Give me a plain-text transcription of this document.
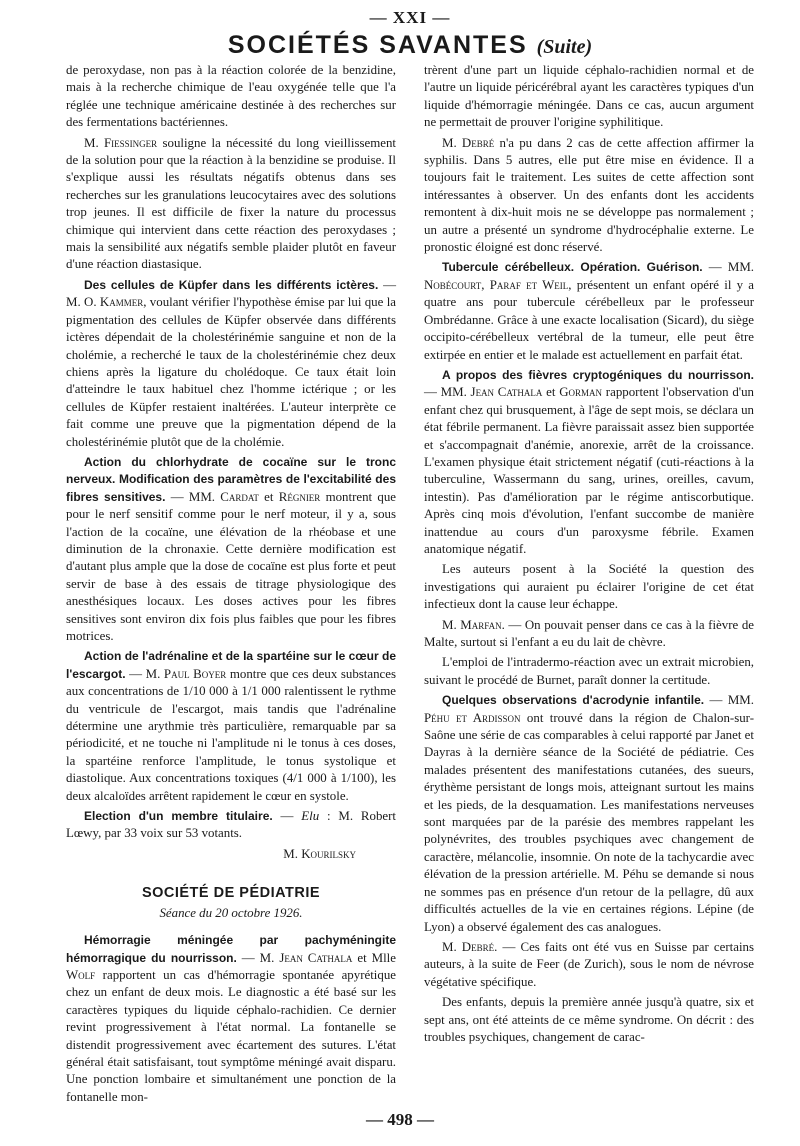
— XXI —
SOCIÉTÉS SAVANTES (Suite)

de peroxydase, non pas à la réaction colorée de la benzidine, mais à la recherche chimique de l'eau oxygénée telle que l'a réglée une technique américaine destinée à des recherches sur des fermentations bactériennes.

M. Fiessinger souligne la nécessité du long vieillissement de la solution pour que la réaction à la benzidine se produise. Il s'explique aussi les résultats négatifs obtenus dans ses recherches sur les granulations leucocytaires avec des solutions trop jeunes. Il est difficile de fixer la nature du processus chimique qui intervient dans cette réaction des peroxydases ; mais la sensibilité aux négatifs semble plaider plutôt en faveur d'une réaction diastasique.

Des cellules de Küpfer dans les différents ictères. — M. O. Kammer, voulant vérifier l'hypothèse émise par lui que la pigmentation des cellules de Küpfer observée dans différents ictères dépendait de la cholestérinémie sanguine et non de la cholémie, a recherché le taux de la cholestérinémie chez deux chiens après la ligature du cholédoque. Ce taux était loin d'atteindre le taux habituel chez l'homme ictérique ; or les cellules de Küpfer restaient inaltérées. L'auteur interprète ce fait comme une preuve que la pigmentation dépend de la cholestérinémie plutôt que de la cholémie.

Action du chlorhydrate de cocaïne sur le tronc nerveux. Modification des paramètres de l'excitabilité des fibres sensitives. — MM. Cardat et Régnier montrent que pour le nerf sensitif comme pour le nerf moteur, il y a, sous l'action de la cocaïne, une élévation de la rhéobase et une diminution de la chronaxie. Cette dernière modification est d'autant plus ample que la dose de cocaïne est plus forte et peut servir de base à des essais de titrage physiologique des anesthésiques locaux. Les doses actives pour les fibres sensitives sont environ dix fois plus faibles que pour les fibres motrices.

Action de l'adrénaline et de la spartéine sur le cœur de l'escargot. — M. Paul Boyer montre que ces deux substances aux concentrations de 1/10 000 à 1/1 000 ralentissent le rythme du ventricule de l'escargot, mais tandis que l'adrénaline détermine une arythmie très particulière, remarquable par sa périodicité, et ne touche ni l'amplitude ni le tonus à ces doses, la spartéine renforce l'amplitude, le tonus systolique et diastolique. Aux concentrations toxiques (4/1 000 à 1/100), les deux alcaloïdes arrêtent rapidement le cœur en systole.

Election d'un membre titulaire. — Elu : M. Robert Lœwy, par 33 voix sur 53 votants.

M. Kourilsky

SOCIÉTÉ DE PÉDIATRIE
Séance du 20 octobre 1926.

Hémorragie méningée par pachyméningite hémorragique du nourrisson. — M. Jean Cathala et Mlle Wolf rapportent un cas d'hémorragie spontanée apyrétique chez un enfant de deux mois. Le diagnostic a été basé sur les caractères typiques du liquide céphalo-rachidien. Ce dernier revint progressivement à l'état normal. La fontanelle se distendit progressivement avec écartement des sutures. L'état général était satisfaisant, tout symptôme méningé avait disparu. Une ponction lombaire et simultanément une ponction de la fontanelle mon-

trèrent d'une part un liquide céphalo-rachidien normal et de l'autre un liquide péricérébral ayant les caractères typiques d'un liquide d'hémorragie méningée. Dans ce cas, aucun argument ne permettait de prouver l'origine syphilitique.

M. Debré n'a pu dans 2 cas de cette affection affirmer la syphilis. Dans 5 autres, elle put être mise en évidence. Il a toujours fait le traitement. Les suites de cette affection sont intéressantes à observer. Un des enfants dont les accidents remontent à dix-huit mois ne se développe pas normalement ; un autre a présenté un syndrome d'hydrocéphalie externe. Le pronostic éloigné est donc réservé.

Tubercule cérébelleux. Opération. Guérison. — MM. Nobécourt, Paraf et Weil, présentent un enfant opéré il y a quatre ans pour tubercule cérébelleux par le professeur Ombrédanne. Grâce à une exacte localisation (Sicard), du siège occipito-cérébelleux vertébral de la tumeur, elle peut être extirpée en entier et le malade est actuellement en parfait état.

A propos des fièvres cryptogéniques du nourrisson. — MM. Jean Cathala et Gorman rapportent l'observation d'un enfant chez qui brusquement, à l'âge de sept mois, se déclara un état fébrile permanent. La fièvre paraissait assez bien supportée et s'accompagnait d'anémie, anorexie, arrêt de la croissance. L'examen physique était strictement négatif (cuti-réactions à la tuberculine, Wassermann du sang, urines, oreilles, cavum, intestin). Pas d'amélioration par le régime antiscorbutique. Après cinq mois d'évolution, l'enfant succombe de manière inattendue au cours d'un paroxysme fébrile. Examen anatomique négatif.

Les auteurs posent à la Société la question des investigations qui auraient pu éclairer l'origine de cet état infectieux dont la cause leur échappe.

M. Marfan. — On pouvait penser dans ce cas à la fièvre de Malte, surtout si l'enfant a eu du lait de chèvre.

L'emploi de l'intradermo-réaction avec un extrait microbien, suivant le procédé de Burnet, paraît donner la certitude.

Quelques observations d'acrodynie infantile. — MM. Péhu et Ardisson ont trouvé dans la région de Chalon-sur-Saône une série de cas comparables à celui rapporté par Janet et Dayras à la dernière séance de la Société de pédiatrie. Ces malades présentent des manifestations cutanées, des sueurs, érythème persistant de longs mois, atteignant surtout les mains et les pieds, de la desquamation. Les manifestations nerveuses sont marquées par de la parésie des membres rappelant les polynévrites, des troubles psychiques avec changement de caractère, mélancolie, insomnie. On note de la tachycardie avec élévation de la pression artérielle. M. Péhu se demande si nous ne sommes pas en présence d'un retour de la pellagre, dû aux difficultés actuelles de la vie en certaines régions. Lépine (de Lyon) a observé également des cas analogues.

M. Debré. — Ces faits ont été vus en Suisse par certains auteurs, à la suite de Feer (de Zurich), sous le nom de névrose végétative spécifique.

Des enfants, depuis la première année jusqu'à quatre, six et sept ans, ont été atteints de ce même syndrome. On décrit : des troubles psychiques, changement de carac-

— 498 —
